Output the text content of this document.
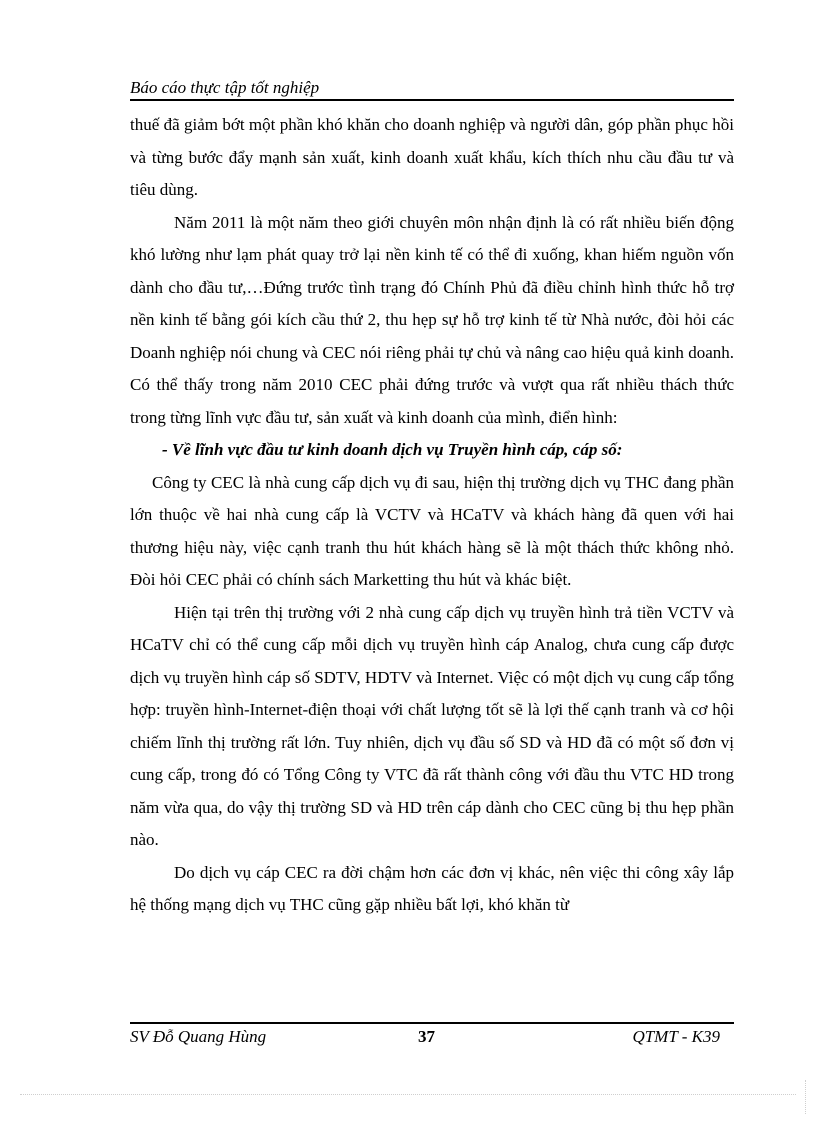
Báo cáo thực tập tốt nghiệp

thuế đã giảm bớt một phần khó khăn cho doanh nghiệp và người dân, góp phần phục hồi và từng bước đẩy mạnh sản xuất, kinh doanh xuất khẩu, kích thích nhu cầu đầu tư và tiêu dùng.

Năm 2011 là một năm theo giới chuyên môn nhận định là có rất nhiều biến động khó lường như lạm phát quay trở lại nền kinh tế có thể đi xuống, khan hiếm nguồn vốn dành cho đầu tư,…Đứng trước tình trạng đó Chính Phủ đã điều chỉnh hình thức hỗ trợ nền kinh tế bằng gói kích cầu thứ 2, thu hẹp sự hỗ trợ kinh tế từ Nhà nước, đòi hỏi các Doanh nghiệp nói chung và CEC nói riêng phải tự chủ và nâng cao hiệu quả kinh doanh. Có thể thấy trong năm 2010 CEC phải đứng trước và vượt qua rất nhiều thách thức trong từng lĩnh vực đầu tư, sản xuất và kinh doanh của mình, điển hình:

- Về lĩnh vực đầu tư kinh doanh dịch vụ Truyền hình cáp, cáp số:

Công ty CEC là nhà cung cấp dịch vụ đi sau, hiện thị trường dịch vụ THC đang phần lớn thuộc về hai nhà cung cấp là VCTV và HCaTV và khách hàng đã quen với hai thương hiệu này, việc cạnh tranh thu hút khách hàng sẽ là một thách thức không nhỏ. Đòi hỏi CEC phải có chính sách Marketting thu hút và khác biệt.

Hiện tại trên thị trường với 2 nhà cung cấp dịch vụ truyền hình trả tiền VCTV và HCaTV chỉ có thể cung cấp mỗi dịch vụ truyền hình cáp Analog, chưa cung cấp được dịch vụ truyền hình cáp số SDTV, HDTV và Internet. Việc có một dịch vụ cung cấp tổng hợp: truyền hình-Internet-điện thoại với chất lượng tốt sẽ là lợi thế cạnh tranh và cơ hội chiếm lĩnh thị trường rất lớn. Tuy nhiên, dịch vụ đầu số SD và HD đã có một số đơn vị cung cấp, trong đó có Tổng Công ty VTC đã rất thành công với đầu thu VTC HD trong năm vừa qua, do vậy thị trường SD và HD trên cáp dành cho CEC cũng bị thu hẹp phần nào.

Do dịch vụ cáp CEC ra đời chậm hơn các đơn vị khác, nên việc thi công xây lắp hệ thống mạng dịch vụ THC cũng gặp nhiều bất lợi, khó khăn từ

SV Đỗ Quang Hùng	37	QTMT - K39
